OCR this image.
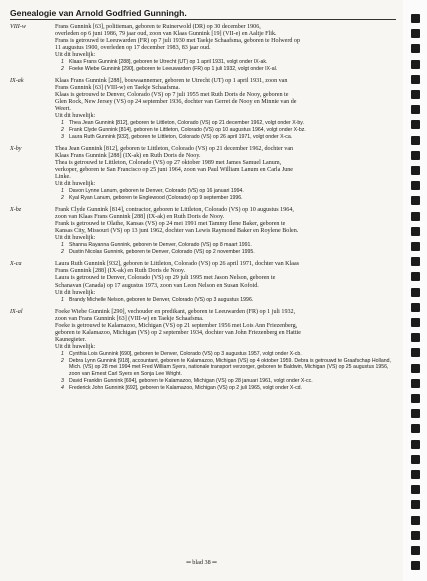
Genealogie van Arnold Godfried Gunningh.
VIII-w	Frans Gunnink [63], politieman, geboren te Ruinerwold (DR) op 30 december 1906,

overleden op 6 juni 1986, 79 jaar oud, zoon van Klaas Gunnink [19] (VII-e) en Aaltje Flik.

Frans is getrouwd te Leeuwarden (FR) op 7 juli 1930 met Taekje Schaafsma, geboren te Holwerd op

11 augustus 1900, overleden op 17 december 1983, 83 jaar oud.

Uit dit huwelijk:

1 Klaas Frans Gunnink [288], geboren te Utrecht (UT) op 1 april 1931, volgt onder IX-ak.
2 Foeke Wiebe Gunnink [290], geboren te Leeuwarden (FR) op 1 juli 1932, volgt onder IX-al.
IX-ak	Klaas Frans Gunnink [288], bouwaannemer, geboren te Utrecht (UT) op 1 april 1931, zoon van

Frans Gunnink [63] (VIII-w) en Taekje Schaafsma.

Klaas is getrouwd te Denver, Colorado (VS) op 7 juli 1955 met Ruth Doris de Nooy, geboren te

Glen Rock, New Jersey (VS) op 24 september 1936, dochter van Gerret de Nooy en Minnie van de

Weert.

Uit dit huwelijk:

1 Thea Jean Gunnink [812], geboren te Littleton, Colorado (VS) op 21 december 1962, volgt onder X-by.
2 Frank Clyde Gunnink [814], geboren te Littleton, Colorado (VS) op 10 augustus 1964, volgt onder X-bz.
3 Laura Ruth Gunnink [932], geboren te Littleton, Colorado (VS) op 26 april 1971, volgt onder X-ca.
X-by	Thea Jean Gunnink [812], geboren te Littleton, Colorado (VS) op 21 december 1962, dochter van

Klaas Frans Gunnink [288] (IX-ak) en Ruth Doris de Nooy.

Thea is getrouwd te Littleton, Colorado (VS) op 27 oktober 1989 met James Samuel Lanum,

verkoper, geboren te San Francisco op 25 juni 1964, zoon van Paul William Lanum en Carla June

Linke.

Uit dit huwelijk:

1 Davon Lynne Lanum, geboren te Denver, Colorado (VS) op 16 januari 1994.
2 Kyal Ryan Lanum, geboren te Englewood (Colorado) op 9 september 1996.
X-bz	Frank Clyde Gunnink [814], contractor, geboren te Littleton, Colorado (VS) op 10 augustus 1964,

zoon van Klaas Frans Gunnink [288] (IX-ak) en Ruth Doris de Nooy.

Frank is getrouwd te Olathe, Kansas (VS) op 24 mei 1991 met Tammy Ilene Baker, geboren te

Kansas City, Missouri (VS) op 13 juni 1962, dochter van Lewis Raymond Baker en Roylene Bolen.

Uit dit huwelijk:

1 Shanna Rayanna Gunnink, geboren te Denver, Colorado (VS) op 8 maart 1991.
2 Dustin Nicolas Gunnink, geboren te Denver, Colorado (VS) op 2 november 1995.
X-ca	Laura Ruth Gunnink [932], geboren te Littleton, Colorado (VS) op 26 april 1971, dochter van Klaas

Frans Gunnink [288] (IX-ak) en Ruth Doris de Nooy.

Laura is getrouwd te Denver, Colorado (VS) op 29 juli 1995 met Jason Nelson, geboren te

Schanavan (Canada) op 17 augustus 1973, zoon van Leon Nelson en Susan Kofoid.

Uit dit huwelijk:

1 Brandy Michelle Nelson, geboren te Denver, Colorado (VS) op 3 augustus 1996.
IX-al	Foeke Wiebe Gunnink [290], vechouder en predikant, geboren te Leeuwarden (FR) op 1 juli 1932,

zoon van Frans Gunnink [63] (VIII-w) en Taekje Schaafsma.

Foeke is getrouwd te Kalamazoo, Michigan (VS) op 21 september 1956 met Lois Ann Friezenberg,

geboren te Kalamazoo, Michigan (VS) op 2 september 1934, dochter van John Friezenberg en Hattie

Kaunegieter.

Uit dit huwelijk:

1 Cynthia Lois Gunnink [690], geboren te Denver, Colorado (VS) op 3 augustus 1957, volgt onder X-cb.
2 Debra Lynn Gunnink [918], accountant, geboren te Kalamazoo, Michigan (VS) op 4 oktober 1959. Debra is getrouwd te Graafschap Holland, Mich. (VS) op 28 mei 1994 met Fred William Syers, nationale transport verzorger, geboren te Baldwin, Michigan (VS) op 25 augustus 1956, zoon van Ernest Carl Syers en Sonja Lee Wright.
3 David Franklin Gunnink [694], geboren te Kalamazoo, Michigan (VS) op 28 januari 1961, volgt onder X-cc.
4 Frederick John Gunnink [692], geboren te Kalamazoo, Michigan (VS) op 2 juli 1965, volgt onder X-cd.
═ blad 38 ═
